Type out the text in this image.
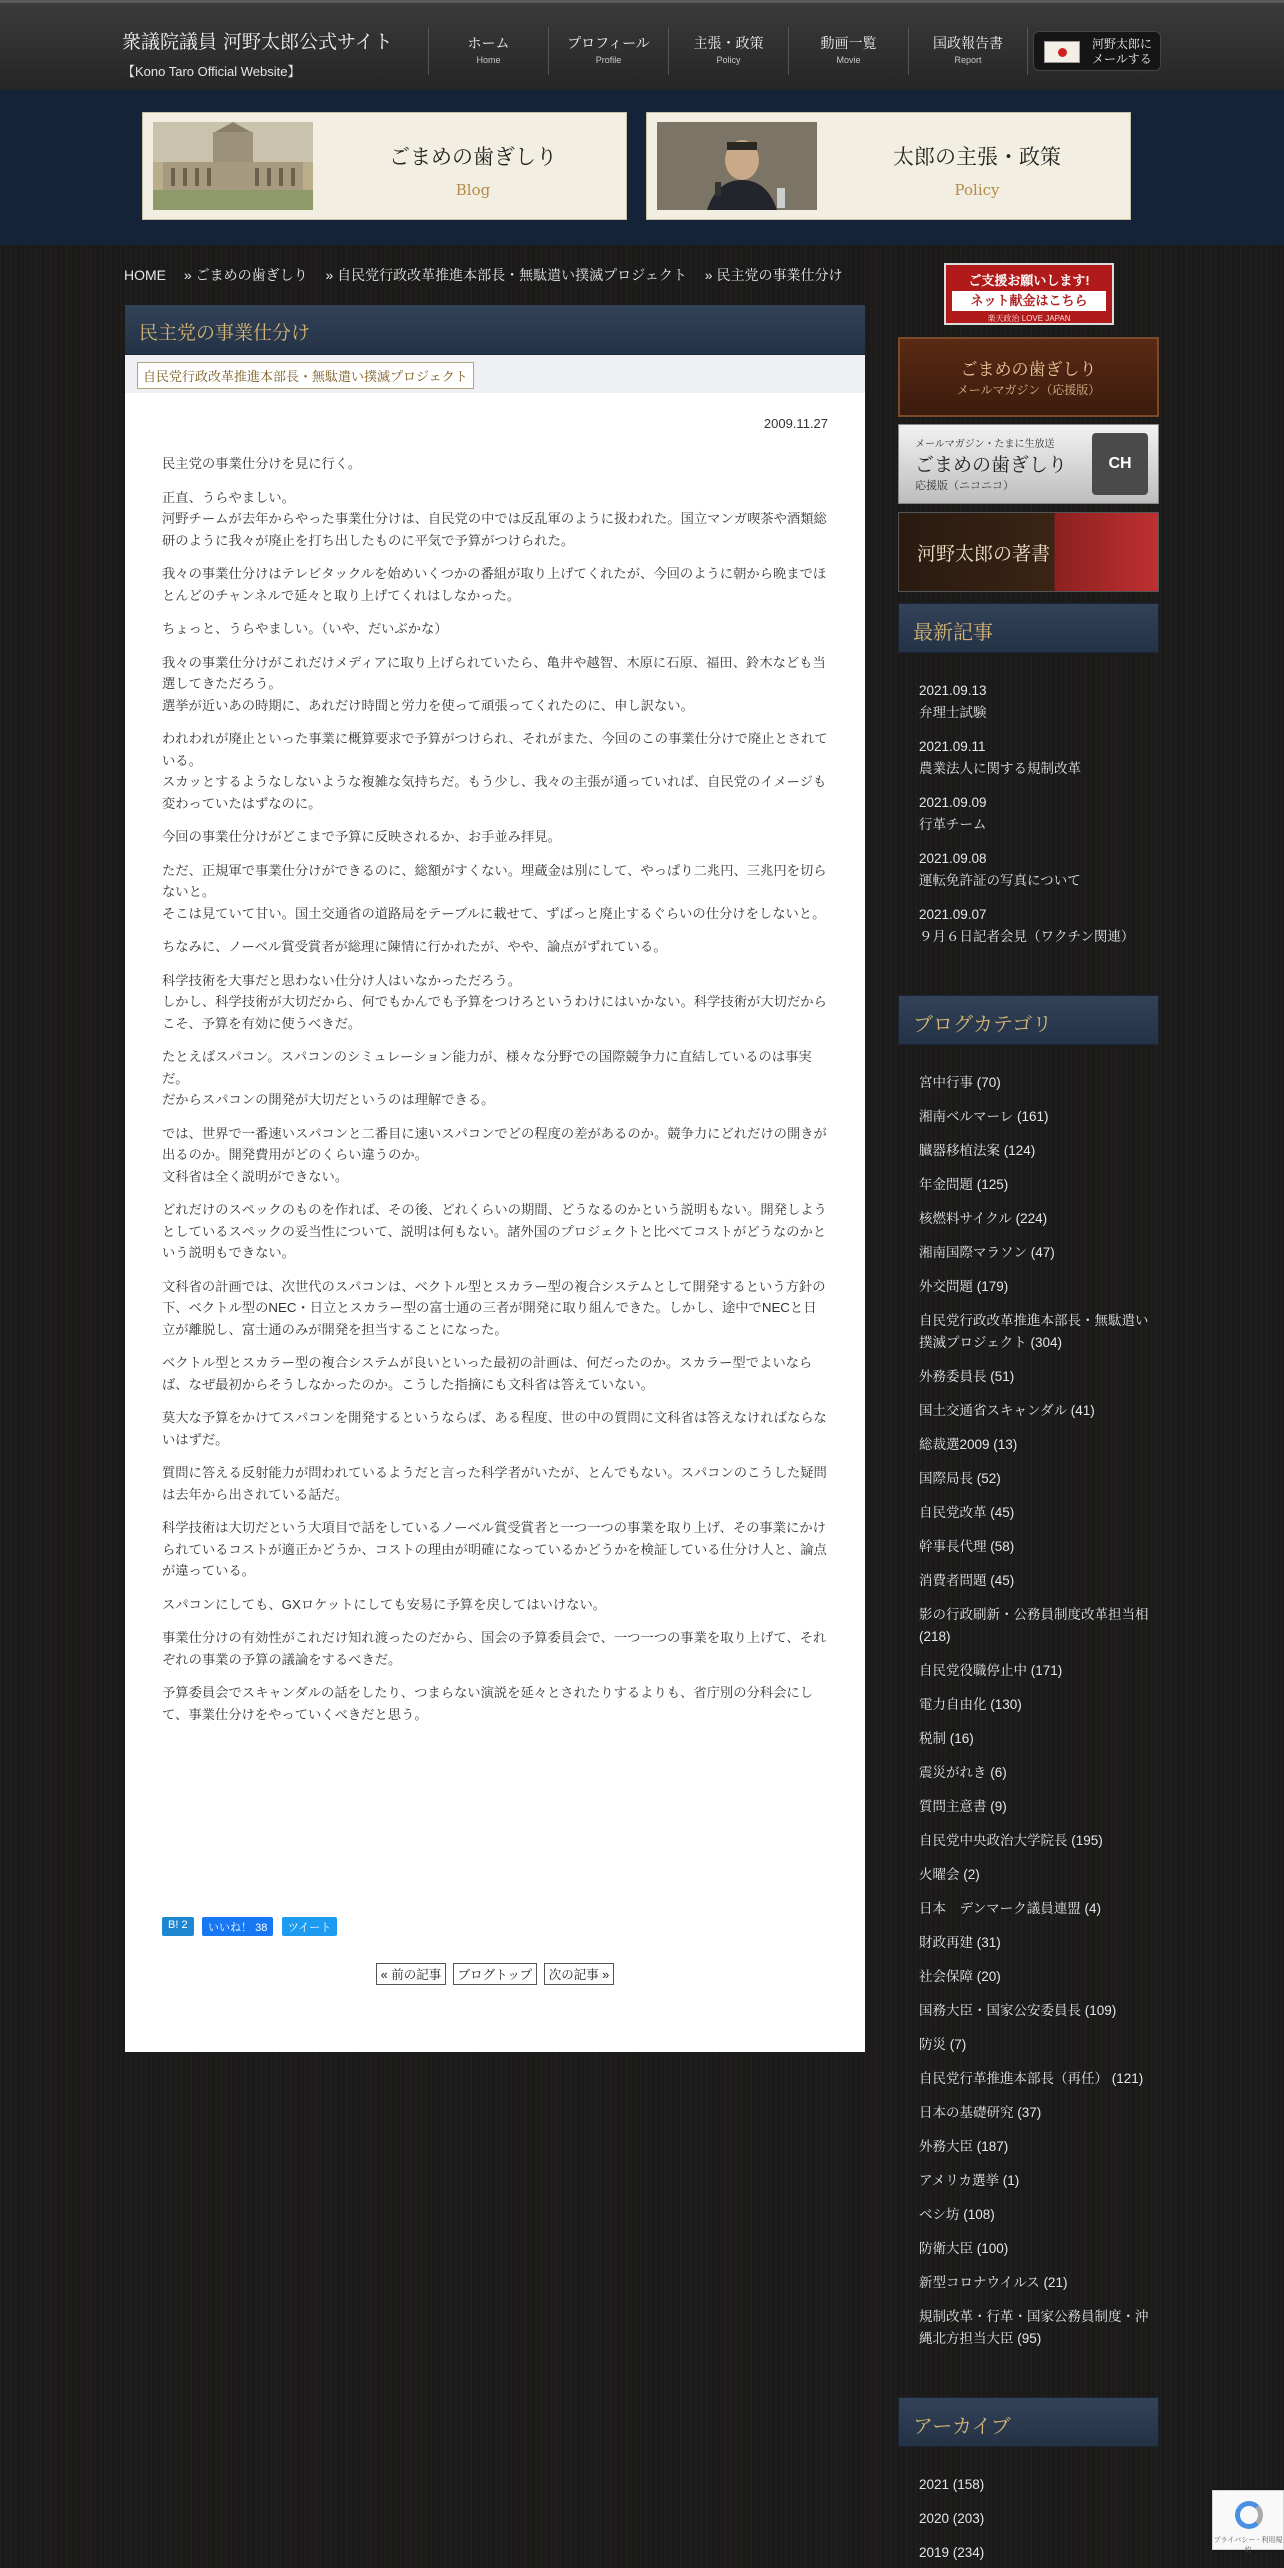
衆議院議員 河野太郎公式サイト
【Kono Taro Official Website】
ホーム
Home
プロフィール
Profile
主張・政策
Policy
動画一覧
Movie
国政報告書
Report
河野太郎に メールする
ごまめの歯ぎしり
Blog
太郎の主張・政策
Policy
HOME » ごまめの歯ぎしり » 自民党行政改革推進本部長・無駄遣い撲滅プロジェクト » 民主党の事業仕分け
民主党の事業仕分け
自民党行政改革推進本部長・無駄遣い撲滅プロジェクト
2009.11.27

民主党の事業仕分けを見に行く。

正直、うらやましい。
河野チームが去年からやった事業仕分けは、自民党の中では反乱軍のように扱われた。国立マンガ喫茶や酒類総研のように我々が廃止を打ち出したものに平気で予算がつけられた。

我々の事業仕分けはテレビタックルを始めいくつかの番組が取り上げてくれたが、今回のように朝から晩までほとんどのチャンネルで延々と取り上げてくれはしなかった。

ちょっと、うらやましい。（いや、だいぶかな）

我々の事業仕分けがこれだけメディアに取り上げられていたら、亀井や越智、木原に石原、福田、鈴木なども当選してきただろう。
選挙が近いあの時期に、あれだけ時間と労力を使って頑張ってくれたのに、申し訳ない。

われわれが廃止といった事業に概算要求で予算がつけられ、それがまた、今回のこの事業仕分けで廃止とされている。
スカッとするようなしないような複雑な気持ちだ。もう少し、我々の主張が通っていれば、自民党のイメージも変わっていたはずなのに。

今回の事業仕分けがどこまで予算に反映されるか、お手並み拝見。

ただ、正規軍で事業仕分けができるのに、総額がすくない。埋蔵金は別にして、やっぱり二兆円、三兆円を切らないと。
そこは見ていて甘い。国土交通省の道路局をテーブルに載せて、ずばっと廃止するぐらいの仕分けをしないと。

ちなみに、ノーベル賞受賞者が総理に陳情に行かれたが、やや、論点がずれている。

科学技術を大事だと思わない仕分け人はいなかっただろう。
しかし、科学技術が大切だから、何でもかんでも予算をつけろというわけにはいかない。科学技術が大切だからこそ、予算を有効に使うべきだ。

たとえばスパコン。スパコンのシミュレーション能力が、様々な分野での国際競争力に直結しているのは事実だ。
だからスパコンの開発が大切だというのは理解できる。

では、世界で一番速いスパコンと二番目に速いスパコンでどの程度の差があるのか。競争力にどれだけの開きが出るのか。開発費用がどのくらい違うのか。
文科省は全く説明ができない。

どれだけのスペックのものを作れば、その後、どれくらいの期間、どうなるのかという説明もない。開発しようとしているスペックの妥当性について、説明は何もない。諸外国のプロジェクトと比べてコストがどうなのかという説明もできない。

文科省の計画では、次世代のスパコンは、ベクトル型とスカラー型の複合システムとして開発するという方針の下、ベクトル型のNEC・日立とスカラー型の富士通の三者が開発に取り組んできた。しかし、途中でNECと日立が離脱し、富士通のみが開発を担当することになった。

ベクトル型とスカラー型の複合システムが良いといった最初の計画は、何だったのか。スカラー型でよいならば、なぜ最初からそうしなかったのか。こうした指摘にも文科省は答えていない。

莫大な予算をかけてスパコンを開発するというならば、ある程度、世の中の質問に文科省は答えなければならないはずだ。

質問に答える反射能力が問われているようだと言った科学者がいたが、とんでもない。スパコンのこうした疑問は去年から出されている話だ。

科学技術は大切だという大項目で話をしているノーベル賞受賞者と一つ一つの事業を取り上げ、その事業にかけられているコストが適正かどうか、コストの理由が明確になっているかどうかを検証している仕分け人と、論点が違っている。

スパコンにしても、GXロケットにしても安易に予算を戻してはいけない。

事業仕分けの有効性がこれだけ知れ渡ったのだから、国会の予算委員会で、一つ一つの事業を取り上げて、それぞれの事業の予算の議論をするべきだ。

予算委員会でスキャンダルの話をしたり、つまらない演説を延々とされたりするよりも、省庁別の分科会にして、事業仕分けをやっていくべきだと思う。

B! 2 いいね！ 38 ツイート
« 前の記事 ブログトップ 次の記事 »
ご支援お願いします!
ネット献金はこちら
楽天政治 LOVE JAPAN
ごまめの歯ぎしり
メールマガジン（応援版）
メールマガジン・たまに生放送
ごまめの歯ぎしり
応援版（ニコニコ）
CH
河野太郎の著書
最新記事
2021.09.13
弁理士試験
2021.09.11
農業法人に関する規制改革
2021.09.09
行革チーム
2021.09.08
運転免許証の写真について
2021.09.07
９月６日記者会見（ワクチン関連）
ブログカテゴリ
宮中行事 (70)
湘南ベルマーレ (161)
臓器移植法案 (124)
年金問題 (125)
核燃料サイクル (224)
湘南国際マラソン (47)
外交問題 (179)
自民党行政改革推進本部長・無駄遣い撲滅プロジェクト (304)
外務委員長 (51)
国土交通省スキャンダル (41)
総裁選2009 (13)
国際局長 (52)
自民党改革 (45)
幹事長代理 (58)
消費者問題 (45)
影の行政刷新・公務員制度改革担当相 (218)
自民党役職停止中 (171)
電力自由化 (130)
税制 (16)
震災がれき (6)
質問主意書 (9)
自民党中央政治大学院長 (195)
火曜会 (2)
日本　デンマーク議員連盟 (4)
財政再建 (31)
社会保障 (20)
国務大臣・国家公安委員長 (109)
防災 (7)
自民党行革推進本部長（再任） (121)
日本の基礎研究 (37)
外務大臣 (187)
アメリカ選挙 (1)
ベシ坊 (108)
防衛大臣 (100)
新型コロナウイルス (21)
規制改革・行革・国家公務員制度・沖縄北方担当大臣 (95)
アーカイブ
2021 (158)
2020 (203)
2019 (234)
プライバシー - 利用規約
